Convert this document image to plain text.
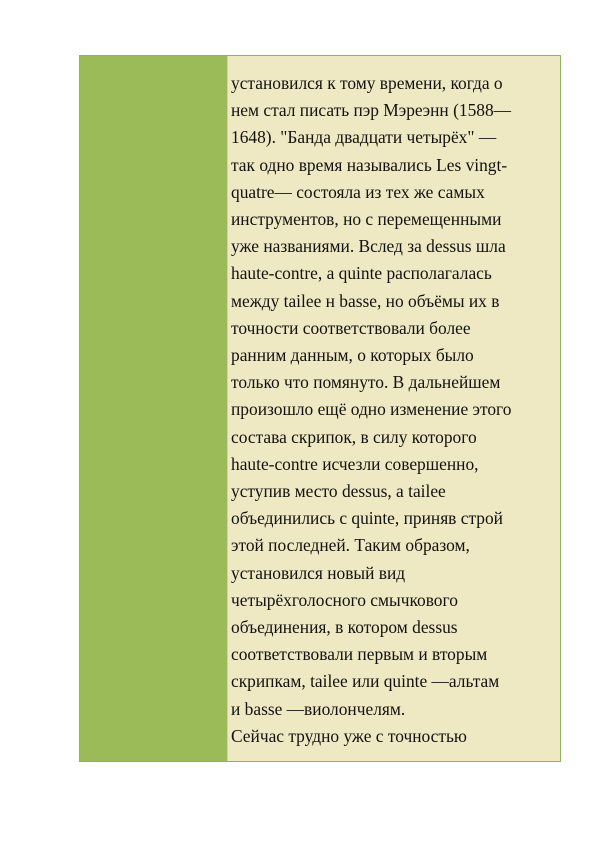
установился к тому времени, когда о
нем стал писать пэр Мэреэнн (1588—
1648). "Банда двадцати четырёх" —
так одно время назывались Les vingt-
quatre— состояла из тех же самых
инструментов, но с перемещенными
уже названиями. Вслед за dessus шла
haute-contre, a quinte располагалась
между tailee н basse, но объёмы их в
точности соответствовали более
ранним данным, о которых было
только что помянуто. В дальнейшем
произошло ещё одно изменение этого
состава скрипок, в силу которого
haute-contre исчезли совершенно,
уступив место dessus, a tailee
объединились с quinte, приняв строй
этой последней. Таким образом,
установился новый вид
четырёхголосного смычкового
объединения, в котором dessus
соответствовали первым и вторым
скрипкам, tailee или quinte —альтам
и basse —виолончелям.

Сейчас трудно уже с точностью
